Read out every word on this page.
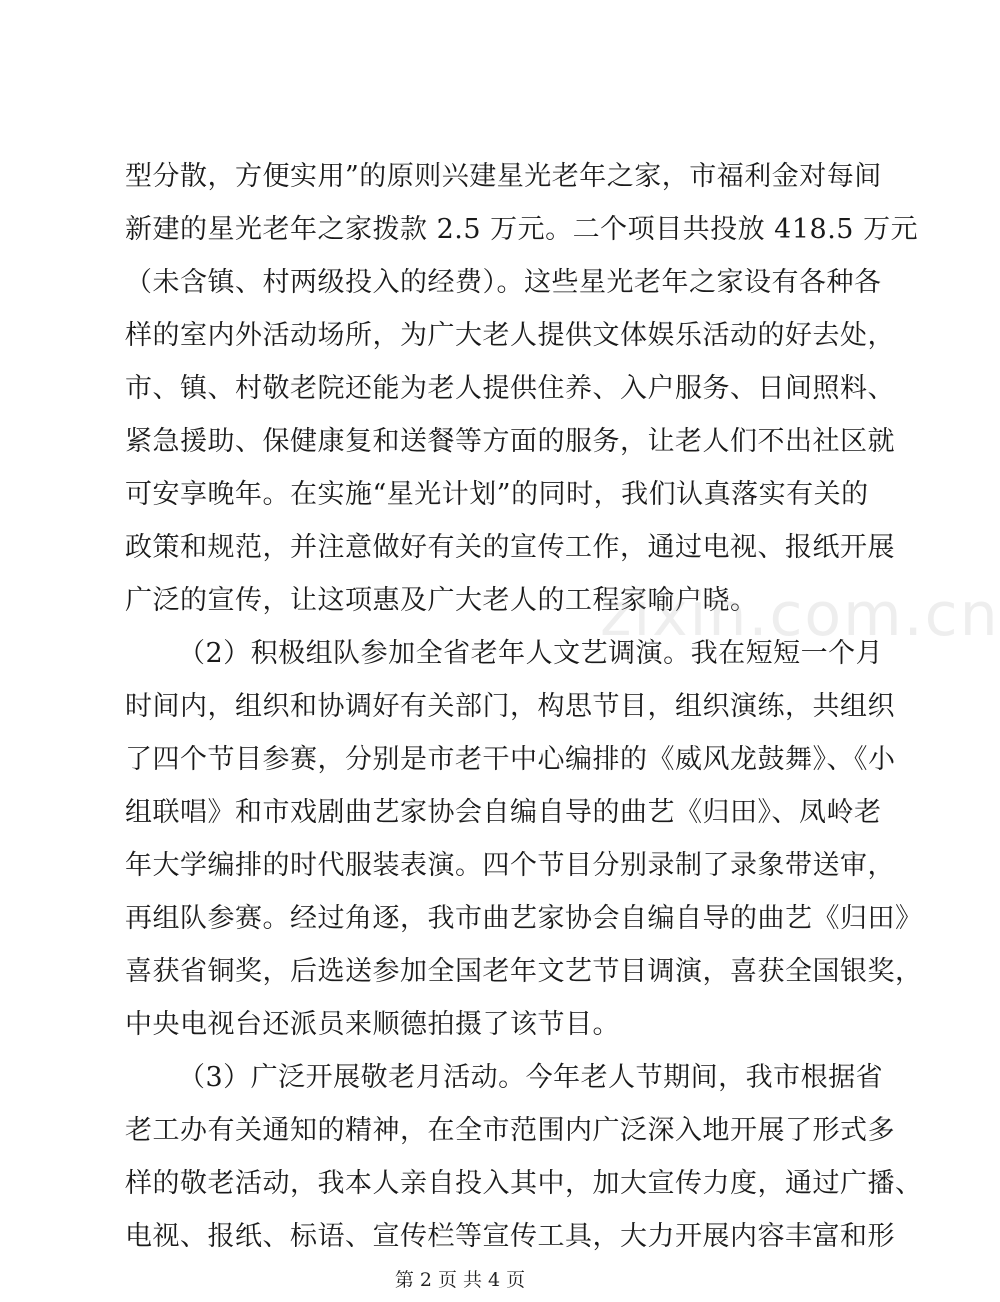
型分散，方便实用”的原则兴建星光老年之家，市福利金对每间
新建的星光老年之家拨款 2.5 万元。二个项目共投放 418.5 万元
（未含镇、村两级投入的经费）。这些星光老年之家设有各种各
样的室内外活动场所，为广大老人提供文体娱乐活动的好去处，
市、镇、村敬老院还能为老人提供住养、入户服务、日间照料、
紧急援助、保健康复和送餐等方面的服务，让老人们不出社区就
可安享晚年。在实施“星光计划”的同时，我们认真落实有关的
政策和规范，并注意做好有关的宣传工作，通过电视、报纸开展
广泛的宣传，让这项惠及广大老人的工程家喻户晓。
（2）积极组队参加全省老年人文艺调演。我在短短一个月
时间内，组织和协调好有关部门，构思节目，组织演练，共组织
了四个节目参赛，分别是市老干中心编排的《威风龙鼓舞》、《小
组联唱》和市戏剧曲艺家协会自编自导的曲艺《归田》、凤岭老
年大学编排的时代服装表演。四个节目分别录制了录象带送审，
再组队参赛。经过角逐，我市曲艺家协会自编自导的曲艺《归田》
喜获省铜奖，后选送参加全国老年文艺节目调演，喜获全国银奖，
中央电视台还派员来顺德拍摄了该节目。
（3）广泛开展敬老月活动。今年老人节期间，我市根据省
老工办有关通知的精神，在全市范围内广泛深入地开展了形式多
zixin.com.cn
样的敬老活动，我本人亲自投入其中，加大宣传力度，通过广播、
电视、报纸、标语、宣传栏等宣传工具，大力开展内容丰富和形
第 2 页 共 4 页
